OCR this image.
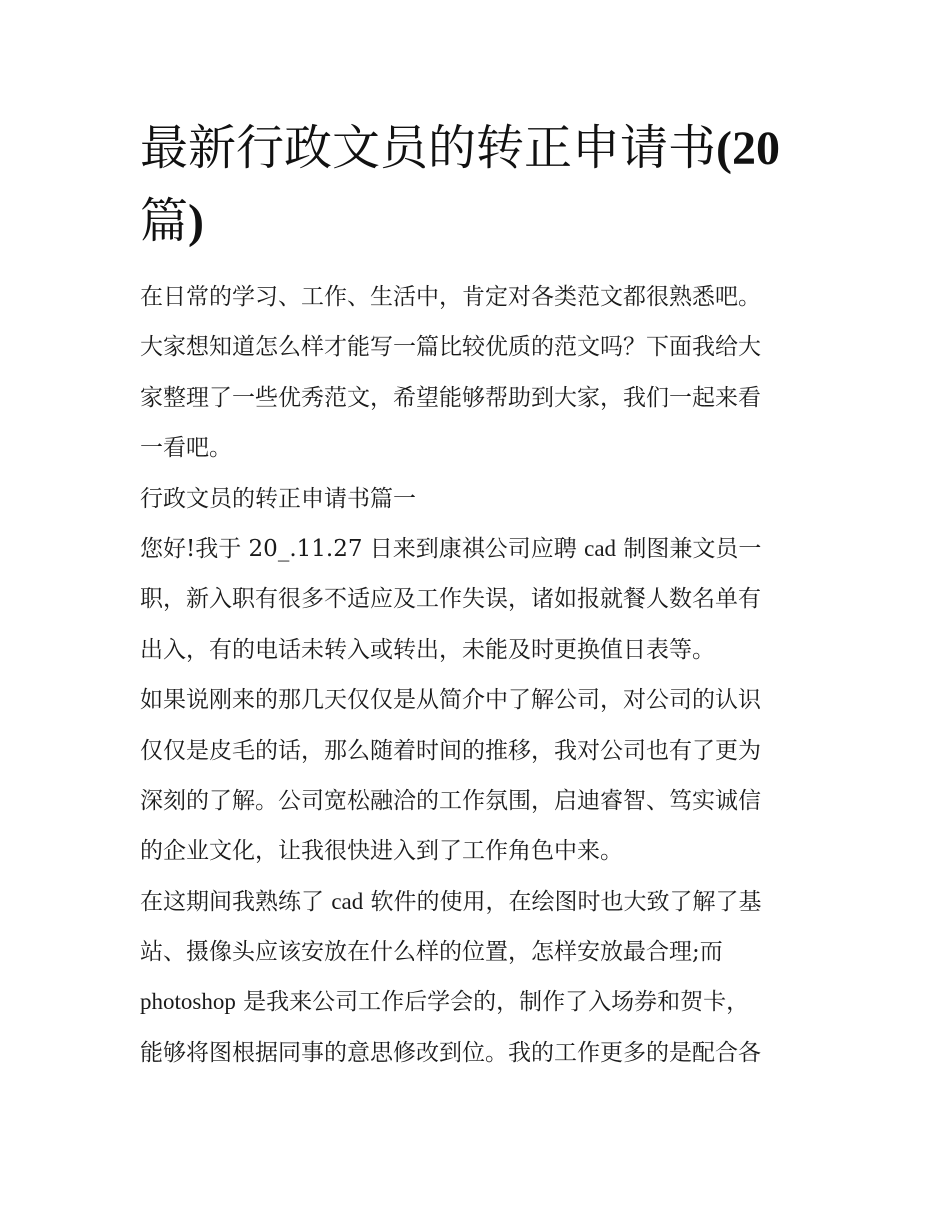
最新行政文员的转正申请书(20
篇)

在日常的学习、工作、生活中，肯定对各类范文都很熟悉吧。
大家想知道怎么样才能写一篇比较优质的范文吗？下面我给大
家整理了一些优秀范文，希望能够帮助到大家，我们一起来看
一看吧。

行政文员的转正申请书篇一

您好!我于 20_.11.27 日来到康祺公司应聘 cad 制图兼文员一
职，新入职有很多不适应及工作失误，诸如报就餐人数名单有
出入，有的电话未转入或转出，未能及时更换值日表等。

如果说刚来的那几天仅仅是从简介中了解公司，对公司的认识
仅仅是皮毛的话，那么随着时间的推移，我对公司也有了更为
深刻的了解。公司宽松融洽的工作氛围，启迪睿智、笃实诚信
的企业文化，让我很快进入到了工作角色中来。

在这期间我熟练了 cad 软件的使用，在绘图时也大致了解了基
站、摄像头应该安放在什么样的位置，怎样安放最合理;而
photoshop 是我来公司工作后学会的，制作了入场券和贺卡，
能够将图根据同事的意思修改到位。我的工作更多的是配合各
